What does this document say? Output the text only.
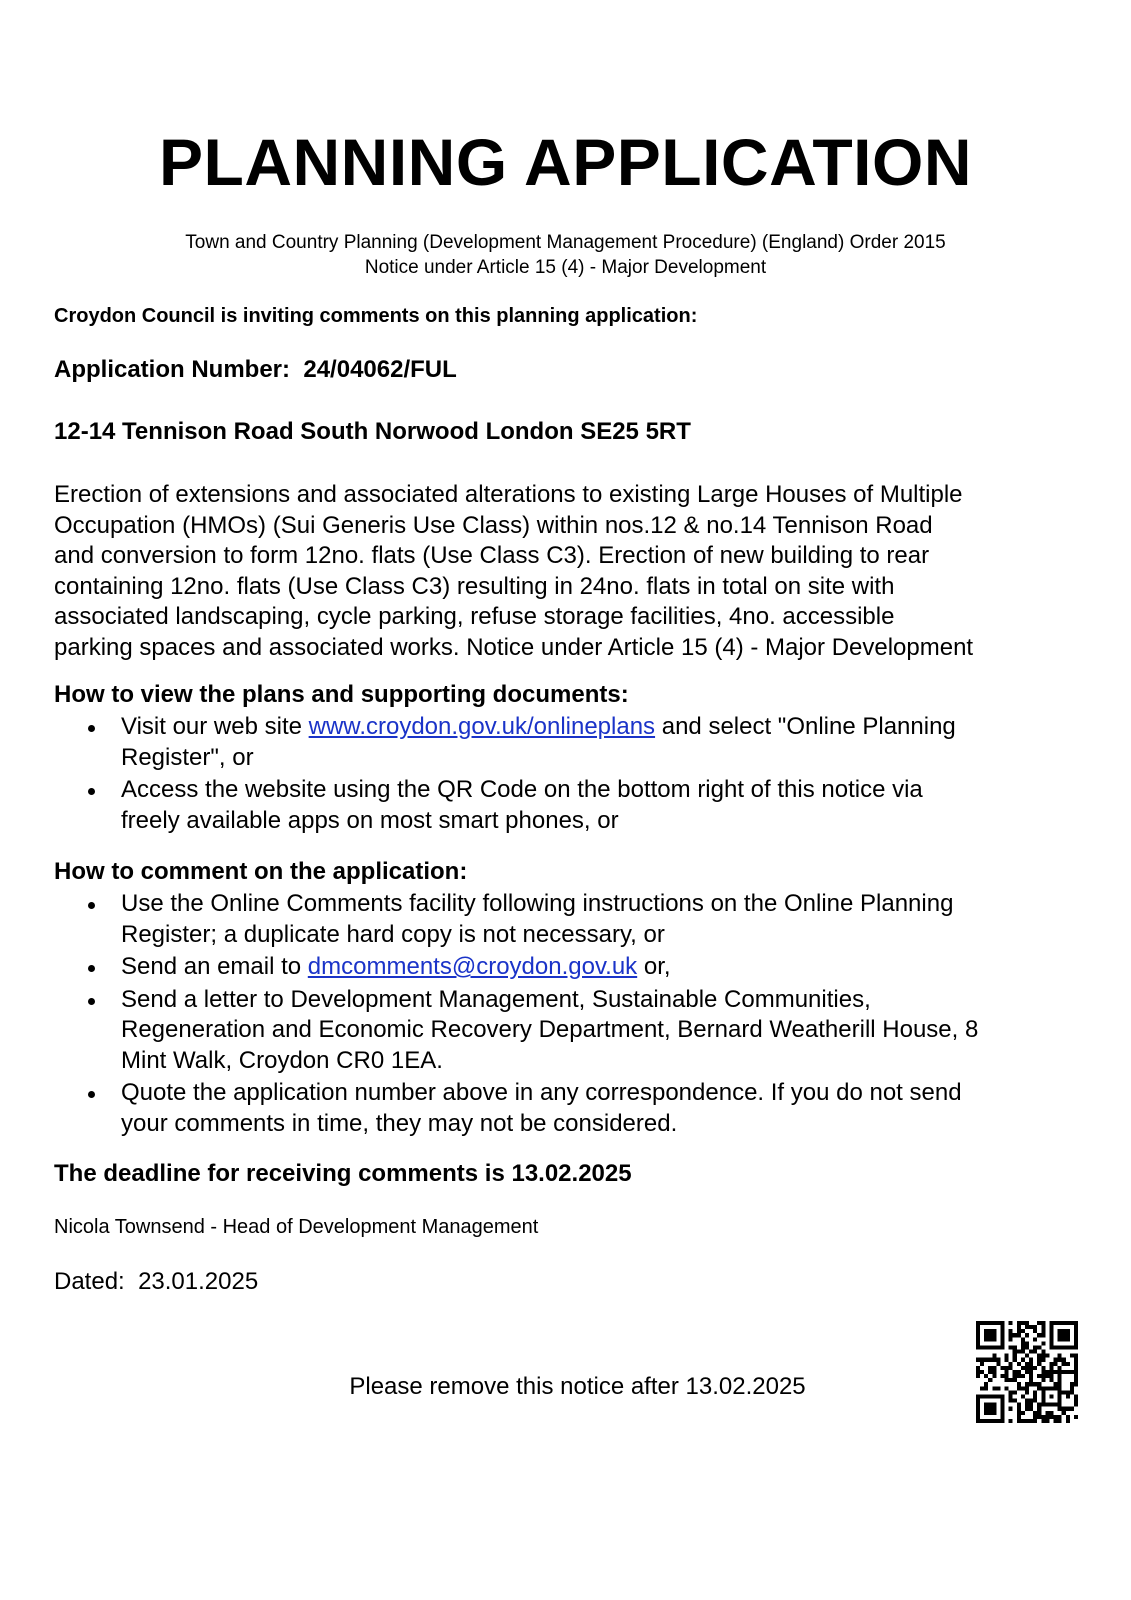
PLANNING APPLICATION
Town and Country Planning (Development Management Procedure) (England) Order 2015
Notice under Article 15 (4) - Major Development
Croydon Council is inviting comments on this planning application:
Application Number: 24/04062/FUL
12-14 Tennison Road South Norwood London SE25 5RT
Erection of extensions and associated alterations to existing Large Houses of Multiple
Occupation (HMOs) (Sui Generis Use Class) within nos.12 & no.14 Tennison Road
and conversion to form 12no. flats (Use Class C3). Erection of new building to rear
containing 12no. flats (Use Class C3) resulting in 24no. flats in total on site with
associated landscaping, cycle parking, refuse storage facilities, 4no. accessible
parking spaces and associated works. Notice under Article 15 (4) - Major Development
How to view the plans and supporting documents:
Visit our web site www.croydon.gov.uk/onlineplans and select "Online Planning
Register", or
Access the website using the QR Code on the bottom right of this notice via
freely available apps on most smart phones, or
How to comment on the application:
Use the Online Comments facility following instructions on the Online Planning
Register; a duplicate hard copy is not necessary, or
Send an email to dmcomments@croydon.gov.uk or,
Send a letter to Development Management, Sustainable Communities,
Regeneration and Economic Recovery Department, Bernard Weatherill House, 8
Mint Walk, Croydon CR0 1EA.
Quote the application number above in any correspondence. If you do not send
your comments in time, they may not be considered.
The deadline for receiving comments is 13.02.2025
Nicola Townsend - Head of Development Management
Dated: 23.01.2025
Please remove this notice after 13.02.2025
